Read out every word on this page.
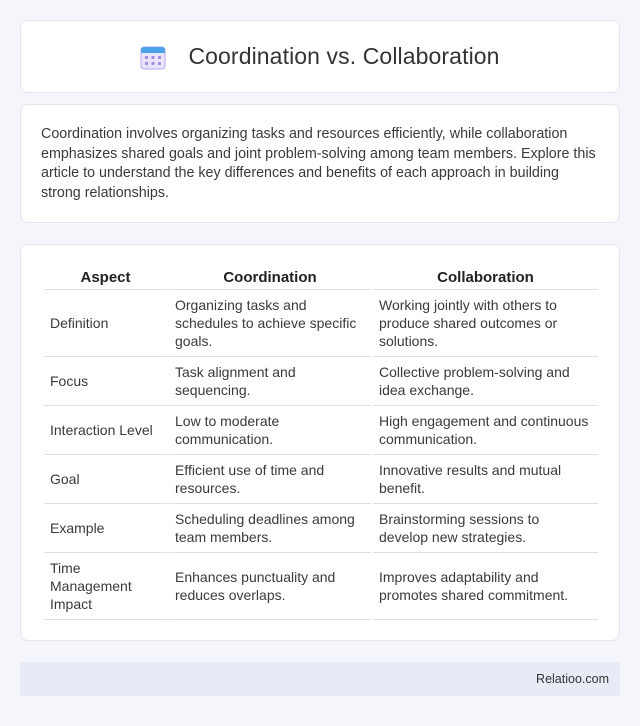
Coordination vs. Collaboration

Coordination involves organizing tasks and resources efficiently, while collaboration emphasizes shared goals and joint problem-solving among team members. Explore this article to understand the key differences and benefits of each approach in building strong relationships.

Aspect	Coordination	Collaboration
Definition	Organizing tasks and schedules to achieve specific goals.	Working jointly with others to produce shared outcomes or solutions.
Focus	Task alignment and sequencing.	Collective problem-solving and idea exchange.
Interaction Level	Low to moderate communication.	High engagement and continuous communication.
Goal	Efficient use of time and resources.	Innovative results and mutual benefit.
Example	Scheduling deadlines among team members.	Brainstorming sessions to develop new strategies.
Time Management Impact	Enhances punctuality and reduces overlaps.	Improves adaptability and promotes shared commitment.
Relatioo.com
